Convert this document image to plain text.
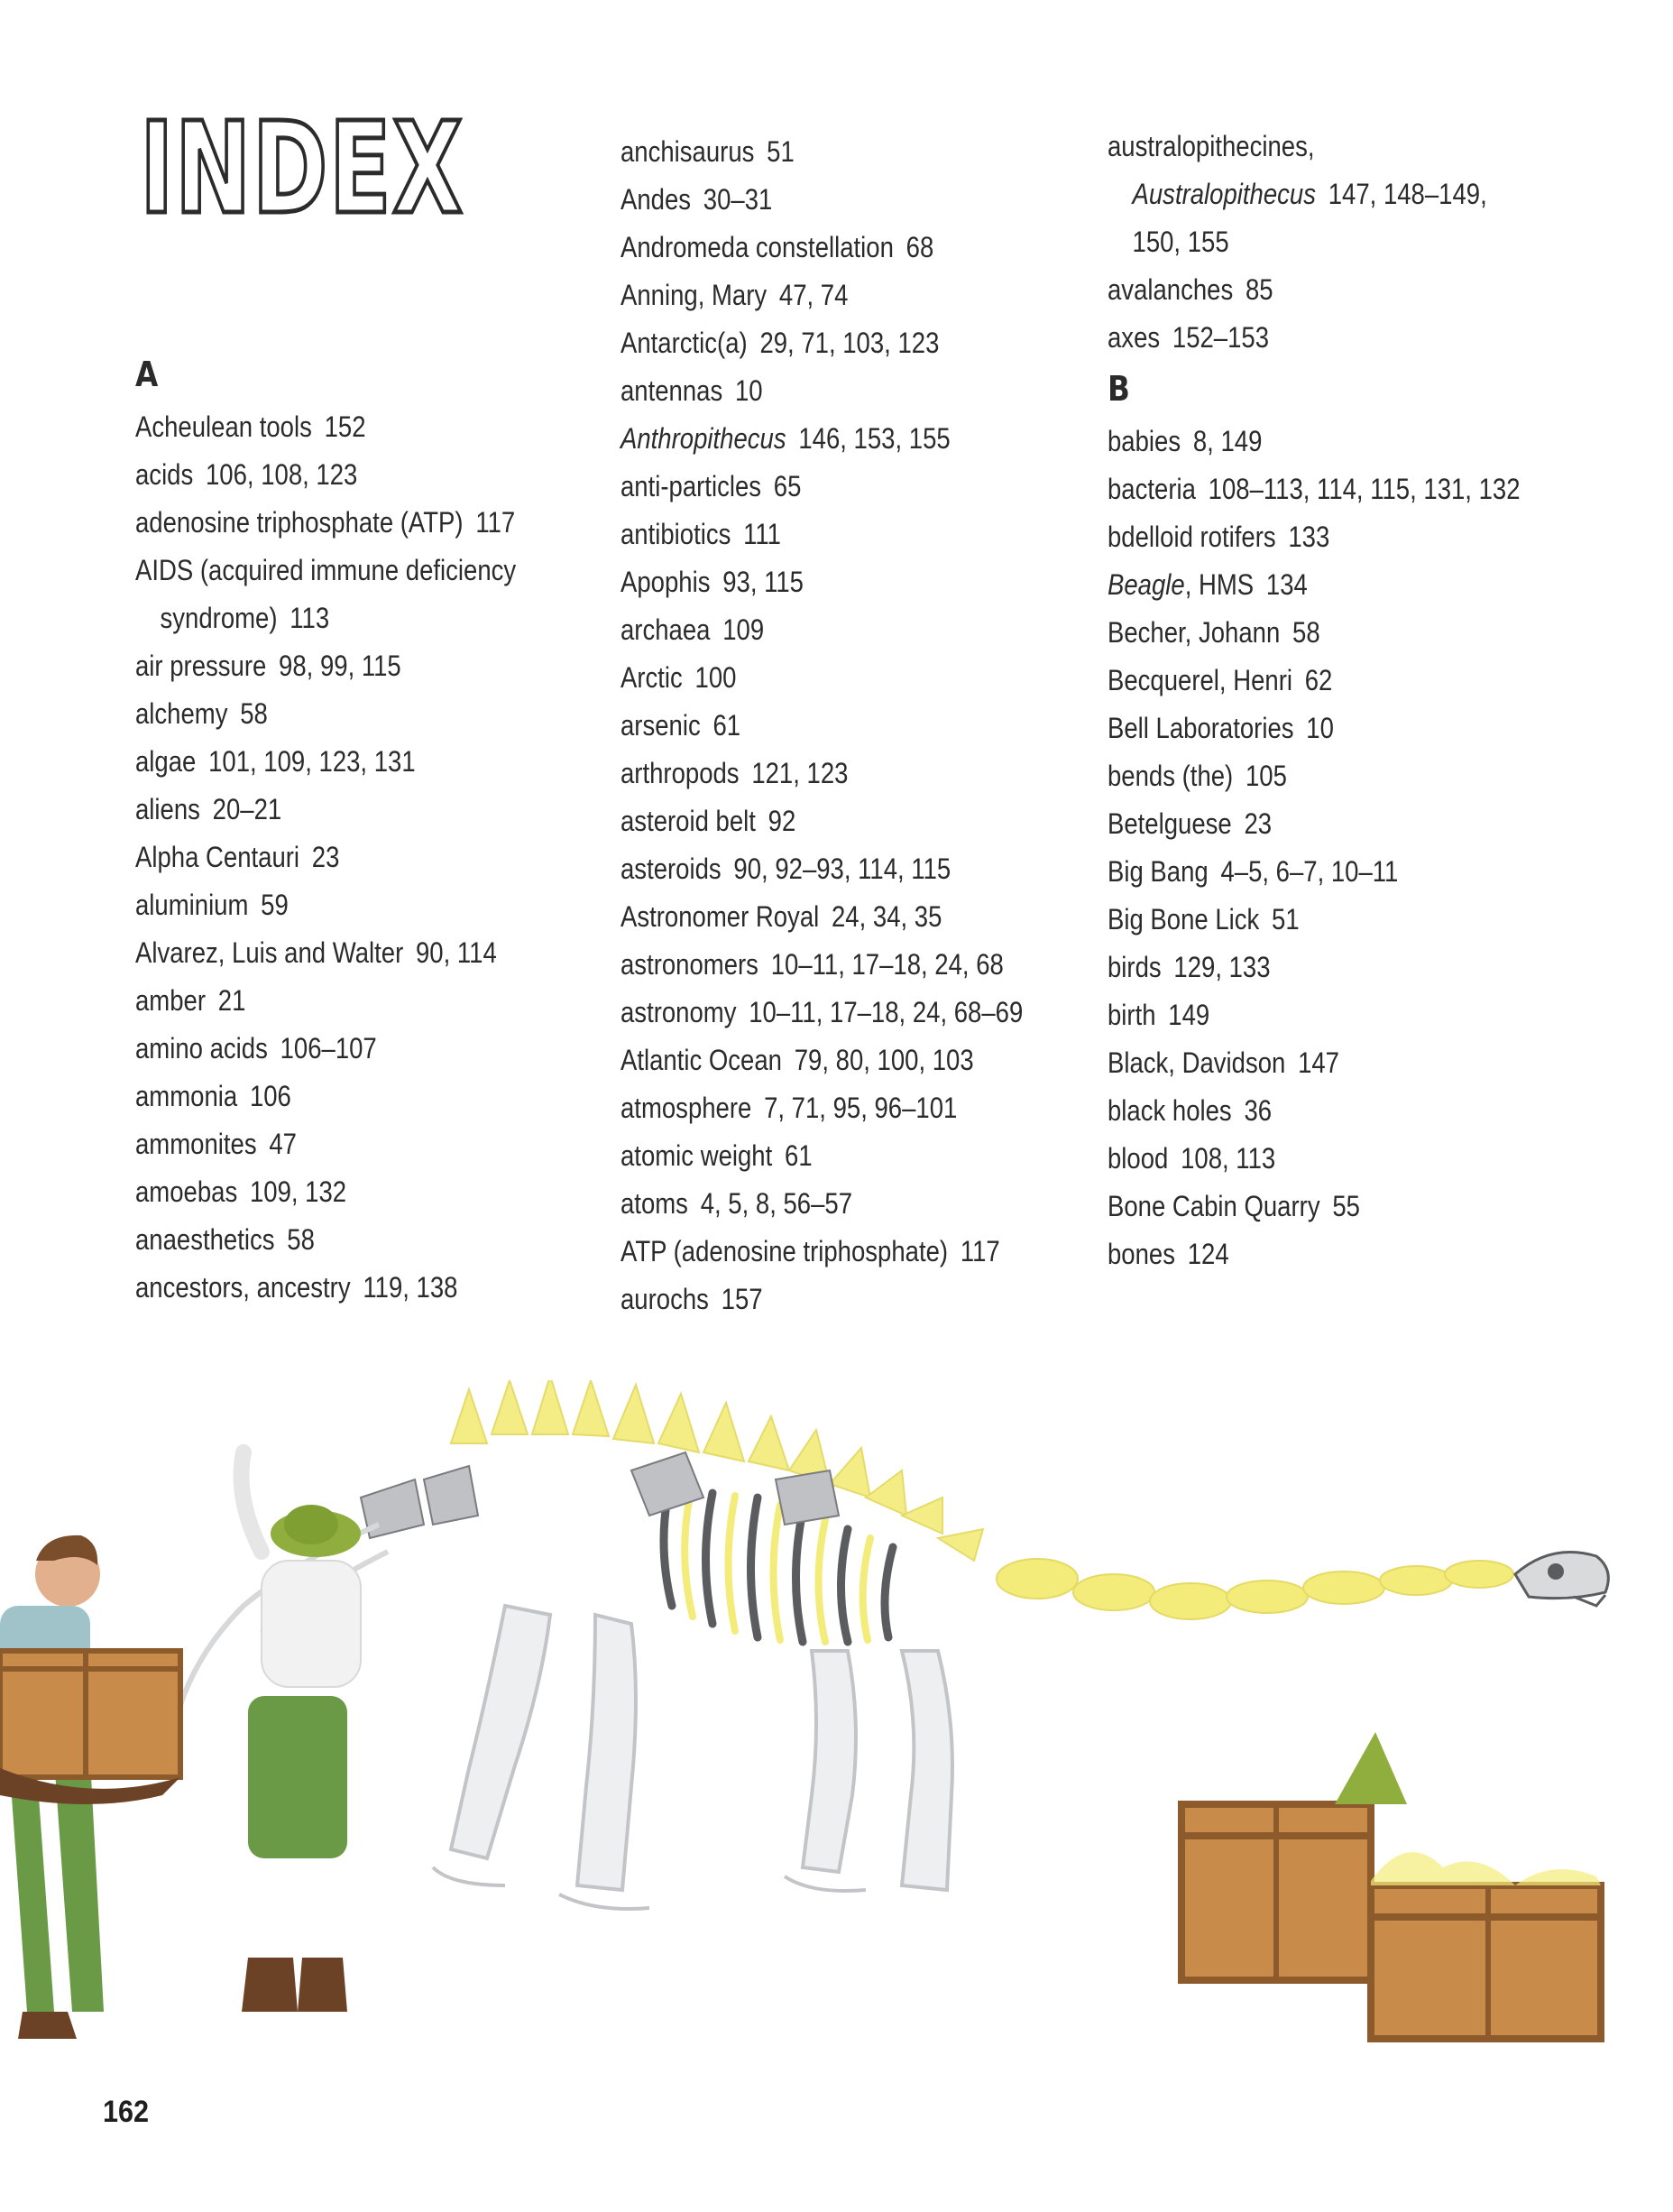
INDEX
A
Acheulean tools 152
acids 106, 108, 123
adenosine triphosphate (ATP) 117
AIDS (acquired immune deficiency syndrome) 113
air pressure 98, 99, 115
alchemy 58
algae 101, 109, 123, 131
aliens 20–21
Alpha Centauri 23
aluminium 59
Alvarez, Luis and Walter 90, 114
amber 21
amino acids 106–107
ammonia 106
ammonites 47
amoebas 109, 132
anaesthetics 58
ancestors, ancestry 119, 138
anchisaurus 51
Andes 30–31
Andromeda constellation 68
Anning, Mary 47, 74
Antarctic(a) 29, 71, 103, 123
antennas 10
Anthropithecus 146, 153, 155
anti-particles 65
antibiotics 111
Apophis 93, 115
archaea 109
Arctic 100
arsenic 61
arthropods 121, 123
asteroid belt 92
asteroids 90, 92–93, 114, 115
Astronomer Royal 24, 34, 35
astronomers 10–11, 17–18, 24, 68
astronomy 10–11, 17–18, 24, 68–69
Atlantic Ocean 79, 80, 100, 103
atmosphere 7, 71, 95, 96–101
atomic weight 61
atoms 4, 5, 8, 56–57
ATP (adenosine triphosphate) 117
aurochs 157
australopithecines, Australopithecus 147, 148–149, 150, 155
avalanches 85
axes 152–153
B
babies 8, 149
bacteria 108–113, 114, 115, 131, 132
bdelloid rotifers 133
Beagle, HMS 134
Becher, Johann 58
Becquerel, Henri 62
Bell Laboratories 10
bends (the) 105
Betelguese 23
Big Bang 4–5, 6–7, 10–11
Big Bone Lick 51
birds 129, 133
birth 149
Black, Davidson 147
black holes 36
blood 108, 113
Bone Cabin Quarry 55
bones 124
162
